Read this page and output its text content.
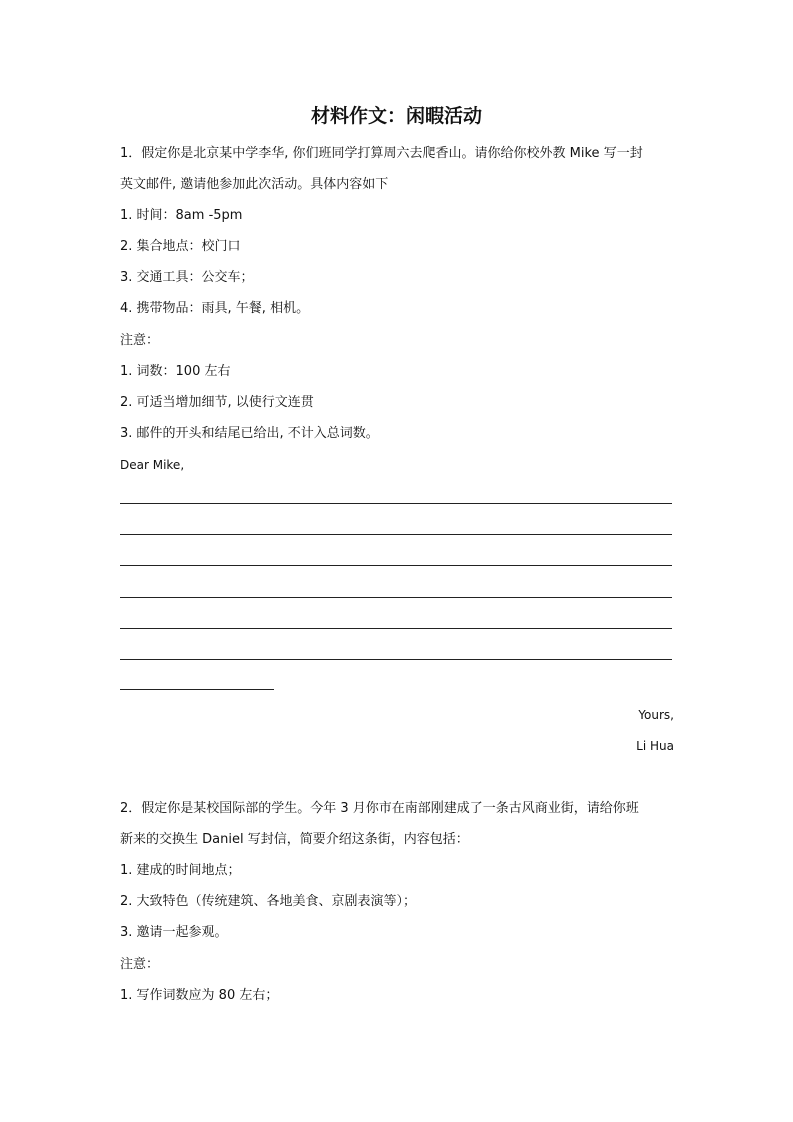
材料作文：闲暇活动
1．假定你是北京某中学李华, 你们班同学打算周六去爬香山。请你给你校外教 Mike 写一封
英文邮件, 邀请他参加此次活动。具体内容如下
1. 时间：8am -5pm
2. 集合地点：校门口
3. 交通工具：公交车；
4. 携带物品：雨具, 午餐, 相机。
注意：
1. 词数：100 左右
2. 可适当增加细节, 以使行文连贯
3. 邮件的开头和结尾已给出, 不计入总词数。
Dear Mike,
Yours,
Li Hua
2．假定你是某校国际部的学生。今年 3 月你市在南部刚建成了一条古风商业街，请给你班
新来的交换生 Daniel 写封信，简要介绍这条街，内容包括：
1. 建成的时间地点；
2. 大致特色（传统建筑、各地美食、京剧表演等）；
3. 邀请一起参观。
注意：
1. 写作词数应为 80 左右；
